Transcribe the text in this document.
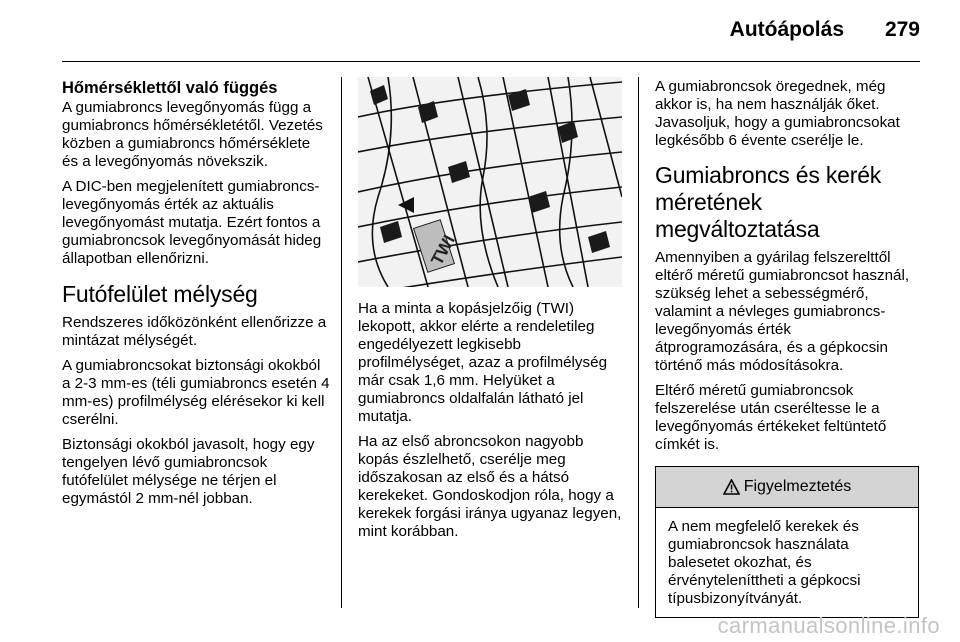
Autóápolás 279
Hőmérséklettől való függés

A gumiabroncs levegőnyomás függ a gumiabroncs hőmérsékletétől. Vezetés közben a gumiabroncs hőmérséklete és a levegőnyomás növekszik.

A DIC-ben megjelenített gumiabroncs-levegőnyomás érték az aktuális levegőnyomást mutatja. Ezért fontos a gumiabroncsok levegőnyomását hideg állapotban ellenőrizni.

Futófelület mélység

Rendszeres időközönként ellenőrizze a mintázat mélységét.

A gumiabroncsokat biztonsági okokból a 2-3 mm-es (téli gumiabroncs esetén 4 mm-es) profilmélység elérésekor ki kell cserélni.

Biztonsági okokból javasolt, hogy egy tengelyen lévő gumiabroncsok futófelület mélysége ne térjen el egymástól 2 mm-nél jobban.

TWI

Ha a minta a kopásjelzőig (TWI) lekopott, akkor elérte a rendeletileg engedélyezett legkisebb profilmélységet, azaz a profilmélység már csak 1,6 mm. Helyüket a gumiabroncs oldalfalán látható jel mutatja.

Ha az első abroncsokon nagyobb kopás észlelhető, cserélje meg időszakosan az első és a hátsó kerekeket. Gondoskodjon róla, hogy a kerekek forgási iránya ugyanaz legyen, mint korábban.

A gumiabroncsok öregednek, még akkor is, ha nem használják őket. Javasoljuk, hogy a gumiabroncsokat legkésőbb 6 évente cserélje le.

Gumiabroncs és kerék méretének megváltoztatása

Amennyiben a gyárilag felszerelttől eltérő méretű gumiabroncsot használ, szükség lehet a sebességmérő, valamint a névleges gumiabroncs-levegőnyomás érték átprogramozására, és a gépkocsin történő más módosításokra.

Eltérő méretű gumiabroncsok felszerelése után cseréltesse le a levegőnyomás értékeket feltüntető címkét is.

Figyelmeztetés
A nem megfelelő kerekek és gumiabroncsok használata balesetet okozhat, és érvényteleníttheti a gépkocsi típusbizonyítványát.
carmanualsonline.info
